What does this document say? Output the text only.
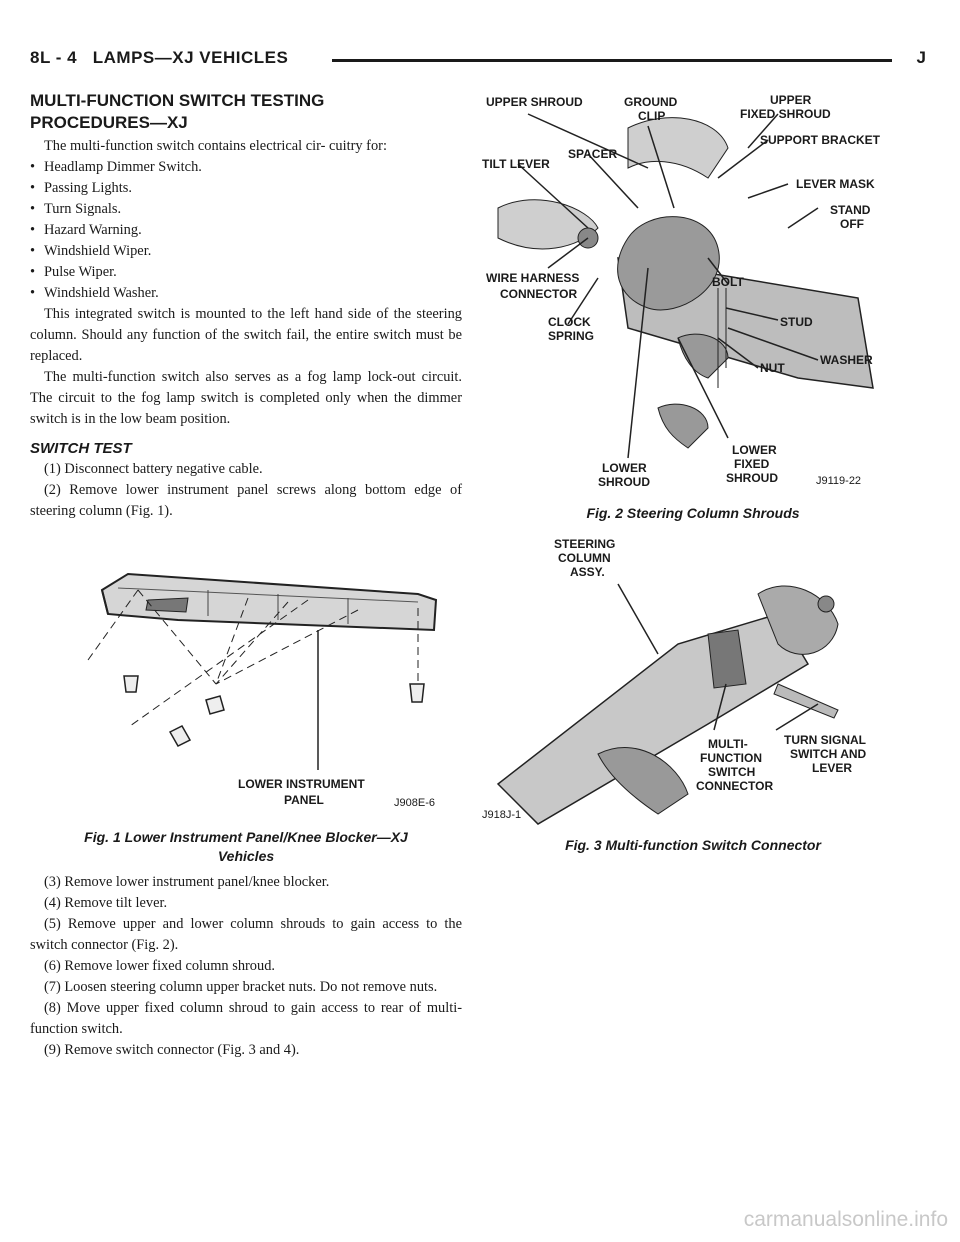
8L - 4 LAMPS—XJ VEHICLES	J
MULTI-FUNCTION SWITCH TESTING
PROCEDURES—XJ

The multi-function switch contains electrical cir- cuitry for:

• Headlamp Dimmer Switch.
• Passing Lights.
• Turn Signals.
• Hazard Warning.
• Windshield Wiper.
• Pulse Wiper.
• Windshield Washer.

This integrated switch is mounted to the left hand side of the steering column. Should any function of the switch fail, the entire switch must be replaced.

The multi-function switch also serves as a fog lamp lock-out circuit. The circuit to the fog lamp switch is completed only when the dimmer switch is in the low beam position.

SWITCH TEST

(1) Disconnect battery negative cable.

(2) Remove lower instrument panel screws along bottom edge of steering column (Fig. 1).

LOWER INSTRUMENT
PANEL	J908E-6
Fig. 1 Lower Instrument Panel/Knee Blocker—XJ
Vehicles

(3) Remove lower instrument panel/knee blocker.

(4) Remove tilt lever.

(5) Remove upper and lower column shrouds to gain access to the switch connector (Fig. 2).

(6) Remove lower fixed column shroud.

(7) Loosen steering column upper bracket nuts. Do not remove nuts.

(8) Move upper fixed column shroud to gain access to rear of multi-function switch.

(9) Remove switch connector (Fig. 3 and 4).

UPPER SHROUD	GROUND
CLIP
UPPER
FIXED SHROUD
SUPPORT BRACKET
SPACER
TILT LEVER
LEVER MASK
STAND
OFF
WIRE HARNESS
CONNECTOR
BOLT
CLOCK
SPRING
STUD
NUT
WASHER
LOWER
SHROUD
LOWER
FIXED
SHROUD	J9119-22
Fig. 2 Steering Column Shrouds
STEERING
COLUMN
ASSY.
MULTI-
FUNCTION
SWITCH
CONNECTOR
TURN SIGNAL
SWITCH AND
LEVER
J918J-1
Fig. 3 Multi-function Switch Connector
carmanualsonline.info
